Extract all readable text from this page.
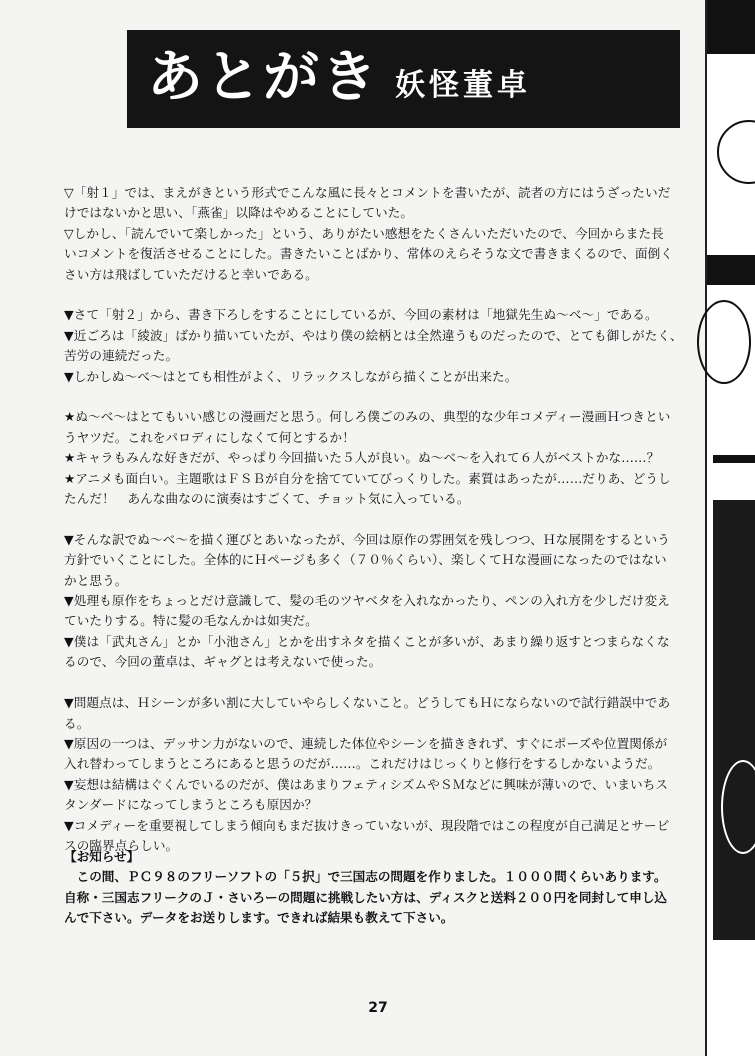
あとがき 妖怪董卓
▽「射１」では、まえがきという形式でこんな風に長々とコメントを書いたが、読者の方にはうざったいだ
けではないかと思い、「燕雀」以降はやめることにしていた。
▽しかし、「読んでいて楽しかった」という、ありがたい感想をたくさんいただいたので、今回からまた長
いコメントを復活させることにした。書きたいことばかり、常体のえらそうな文で書きまくるので、面倒く
さい方は飛ばしていただけると幸いである。
▼さて「射２」から、書き下ろしをすることにしているが、今回の素材は「地獄先生ぬ～べ～」である。
▼近ごろは「綾波」ばかり描いていたが、やはり僕の絵柄とは全然違うものだったので、とても御しがたく、
苦労の連続だった。
▼しかしぬ～べ～はとても相性がよく、リラックスしながら描くことが出来た。
★ぬ～べ～はとてもいい感じの漫画だと思う。何しろ僕ごのみの、典型的な少年コメディー漫画Ｈつきとい
うヤツだ。これをパロディにしなくて何とするか！
★キャラもみんな好きだが、やっぱり今回描いた５人が良い。ぬ～べ～を入れて６人がベストかな……？
★アニメも面白い。主題歌はＦＳＢが自分を捨てていてびっくりした。素質はあったが……だりあ、どうし
たんだ！　あんな曲なのに演奏はすごくて、チョット気に入っている。
▼そんな訳でぬ～べ～を描く運びとあいなったが、今回は原作の雰囲気を残しつつ、Ｈな展開をするという
方針でいくことにした。全体的にＨページも多く（７０％くらい）、楽しくてＨな漫画になったのではない
かと思う。
▼処理も原作をちょっとだけ意識して、髪の毛のツヤベタを入れなかったり、ペンの入れ方を少しだけ変え
ていたりする。特に髪の毛なんかは如実だ。
▼僕は「武丸さん」とか「小池さん」とかを出すネタを描くことが多いが、あまり繰り返すとつまらなくな
るので、今回の董卓は、ギャグとは考えないで使った。
▼問題点は、Ｈシーンが多い割に大していやらしくないこと。どうしてもＨにならないので試行錯誤中であ
る。
▼原因の一つは、デッサン力がないので、連続した体位やシーンを描ききれず、すぐにポーズや位置関係が
入れ替わってしまうところにあると思うのだが……。これだけはじっくりと修行をするしかないようだ。
▼妄想は結構はぐくんでいるのだが、僕はあまりフェティシズムやＳＭなどに興味が薄いので、いまいちス
タンダードになってしまうところも原因か？
▼コメディーを重要視してしまう傾向もまだ抜けきっていないが、現段階ではこの程度が自己満足とサービ
スの臨界点らしい。
【お知らせ】
　この間、ＰＣ９８のフリーソフトの「５択」で三国志の問題を作りました。１０００問くらいあります。
自称・三国志フリークのＪ・さいろーの問題に挑戦したい方は、ディスクと送料２００円を同封して申し込
んで下さい。データをお送りします。できれば結果も教えて下さい。
27
